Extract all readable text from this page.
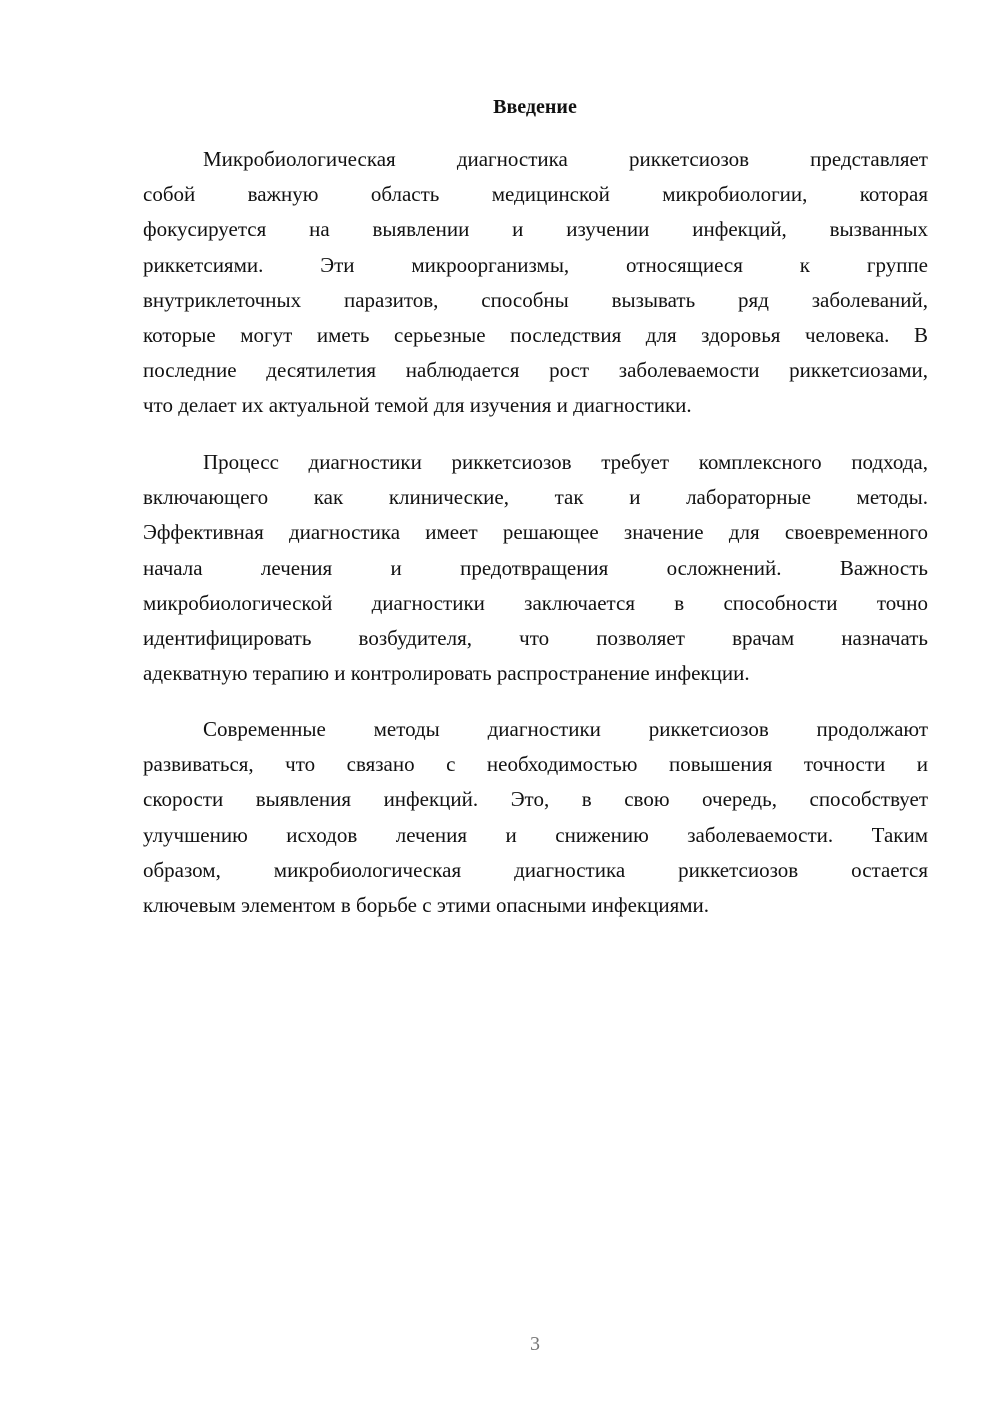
Введение
Микробиологическая диагностика риккетсиозов представляет
собой важную область медицинской микробиологии, которая
фокусируется на выявлении и изучении инфекций, вызванных
риккетсиями. Эти микроорганизмы, относящиеся к группе
внутриклеточных паразитов, способны вызывать ряд заболеваний,
которые могут иметь серьезные последствия для здоровья человека. В
последние десятилетия наблюдается рост заболеваемости риккетсиозами,
что делает их актуальной темой для изучения и диагностики.
Процесс диагностики риккетсиозов требует комплексного подхода,
включающего как клинические, так и лабораторные методы.
Эффективная диагностика имеет решающее значение для своевременного
начала лечения и предотвращения осложнений. Важность
микробиологической диагностики заключается в способности точно
идентифицировать возбудителя, что позволяет врачам назначать
адекватную терапию и контролировать распространение инфекции.
Современные методы диагностики риккетсиозов продолжают
развиваться, что связано с необходимостью повышения точности и
скорости выявления инфекций. Это, в свою очередь, способствует
улучшению исходов лечения и снижению заболеваемости. Таким
образом, микробиологическая диагностика риккетсиозов остается
ключевым элементом в борьбе с этими опасными инфекциями.
3
